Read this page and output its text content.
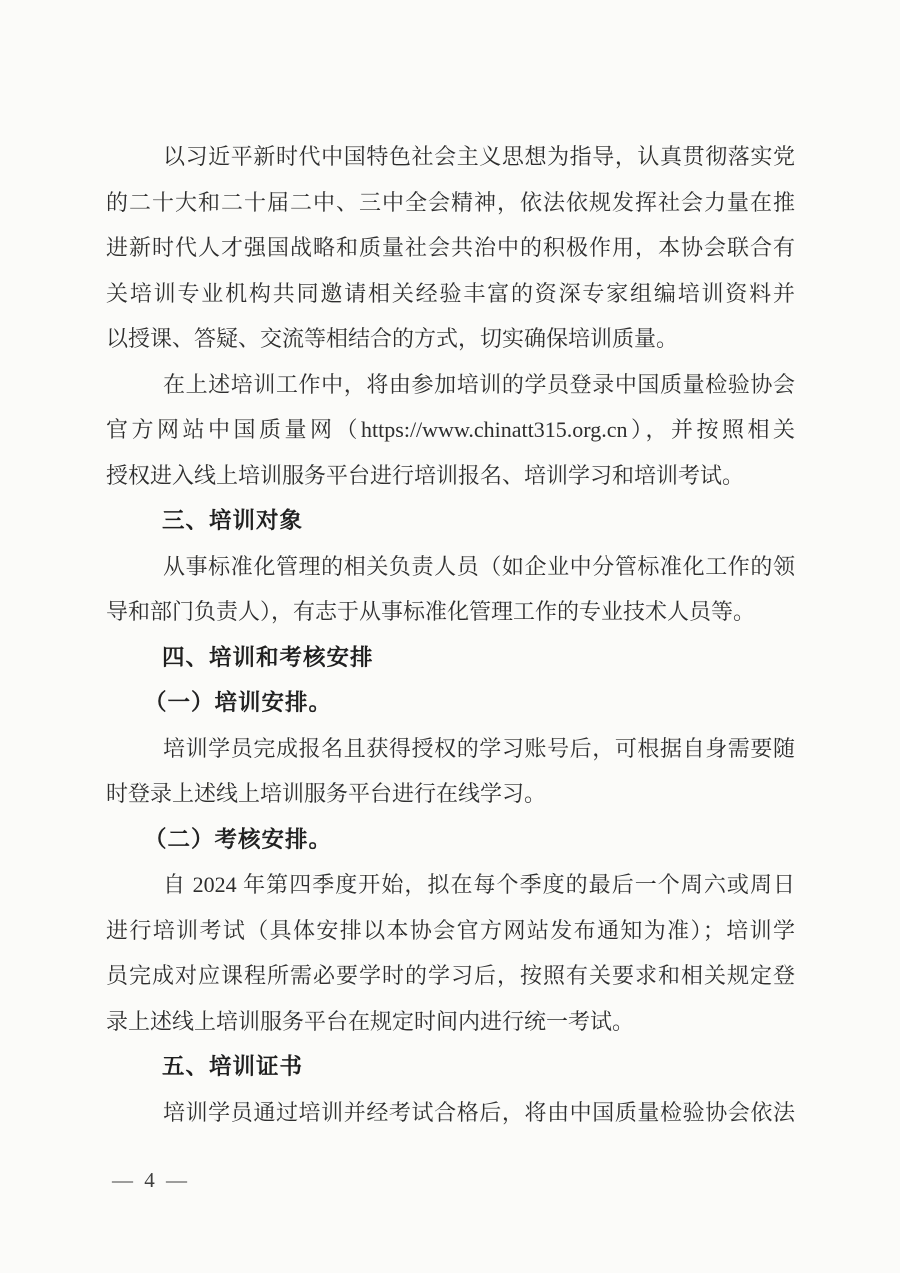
以习近平新时代中国特色社会主义思想为指导，认真贯彻落实党
的二十大和二十届二中、三中全会精神，依法依规发挥社会力量在推
进新时代人才强国战略和质量社会共治中的积极作用，本协会联合有
关培训专业机构共同邀请相关经验丰富的资深专家组编培训资料并
以授课、答疑、交流等相结合的方式，切实确保培训质量。
在上述培训工作中，将由参加培训的学员登录中国质量检验协会
官方网站中国质量网（https://www.chinatt315.org.cn），并按照相关
授权进入线上培训服务平台进行培训报名、培训学习和培训考试。
三、培训对象
从事标准化管理的相关负责人员（如企业中分管标准化工作的领
导和部门负责人），有志于从事标准化管理工作的专业技术人员等。
四、培训和考核安排
（一）培训安排。
培训学员完成报名且获得授权的学习账号后，可根据自身需要随
时登录上述线上培训服务平台进行在线学习。
（二）考核安排。
自 2024 年第四季度开始，拟在每个季度的最后一个周六或周日
进行培训考试（具体安排以本协会官方网站发布通知为准）；培训学
员完成对应课程所需必要学时的学习后，按照有关要求和相关规定登
录上述线上培训服务平台在规定时间内进行统一考试。
五、培训证书
培训学员通过培训并经考试合格后，将由中国质量检验协会依法
— 4 —
